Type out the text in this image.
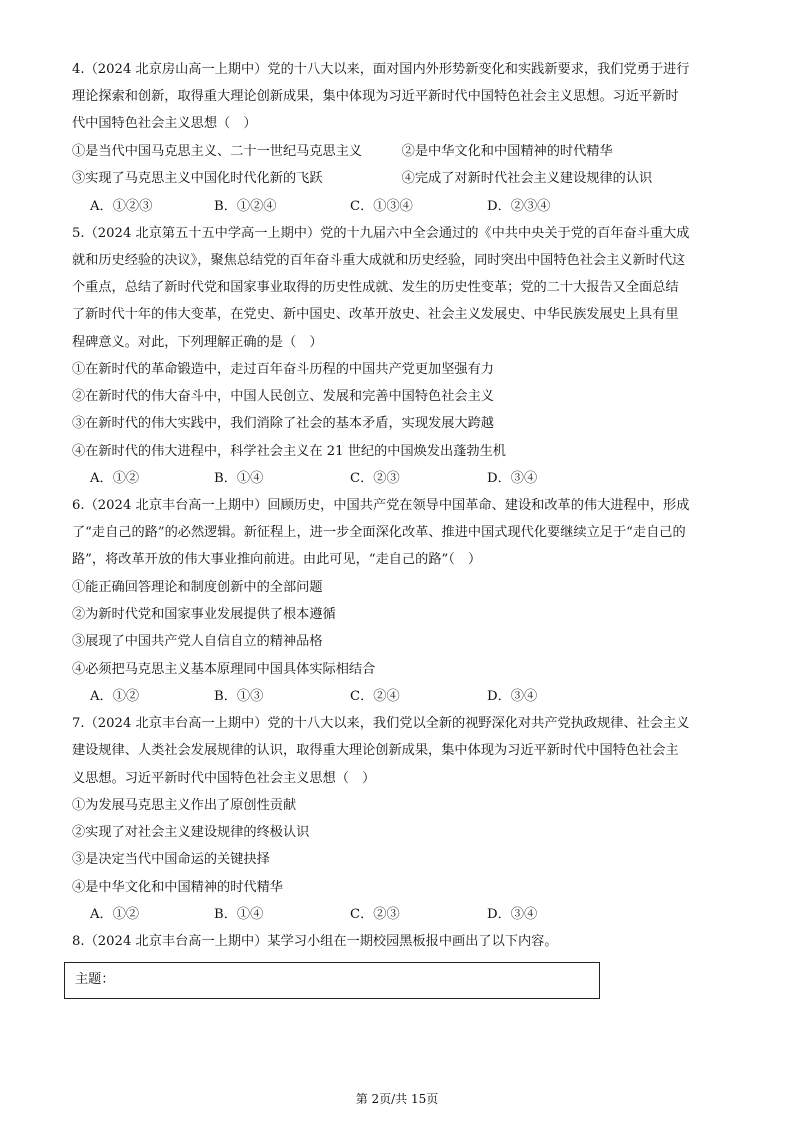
4.（2024 北京房山高一上期中）党的十八大以来，面对国内外形势新变化和实践新要求，我们党勇于进行
理论探索和创新，取得重大理论创新成果，集中体现为习近平新时代中国特色社会主义思想。习近平新时
代中国特色社会主义思想（　）
①是当代中国马克思主义、二十一世纪马克思主义　　　②是中华文化和中国精神的时代精华
③实现了马克思主义中国化时代化新的飞跃　　　　　　④完成了对新时代社会主义建设规律的认识
A．①②③	B．①②④	C．①③④	D．②③④
5.（2024 北京第五十五中学高一上期中）党的十九届六中全会通过的《中共中央关于党的百年奋斗重大成
就和历史经验的决议》，聚焦总结党的百年奋斗重大成就和历史经验，同时突出中国特色社会主义新时代这
个重点，总结了新时代党和国家事业取得的历史性成就、发生的历史性变革；党的二十大报告又全面总结
了新时代十年的伟大变革，在党史、新中国史、改革开放史、社会主义发展史、中华民族发展史上具有里
程碑意义。对此，下列理解正确的是（　）
①在新时代的革命锻造中，走过百年奋斗历程的中国共产党更加坚强有力
②在新时代的伟大奋斗中，中国人民创立、发展和完善中国特色社会主义
③在新时代的伟大实践中，我们消除了社会的基本矛盾，实现发展大跨越
④在新时代的伟大进程中，科学社会主义在 21 世纪的中国焕发出蓬勃生机
A．①②	B．①④	C．②③	D．③④
6.（2024 北京丰台高一上期中）回顾历史，中国共产党在领导中国革命、建设和改革的伟大进程中，形成
了“走自己的路”的必然逻辑。新征程上，进一步全面深化改革、推进中国式现代化要继续立足于“走自己的
路”，将改革开放的伟大事业推向前进。由此可见，“走自己的路”（　）
①能正确回答理论和制度创新中的全部问题
②为新时代党和国家事业发展提供了根本遵循
③展现了中国共产党人自信自立的精神品格
④必须把马克思主义基本原理同中国具体实际相结合
A．①②	B．①③	C．②④	D．③④
7.（2024 北京丰台高一上期中）党的十八大以来，我们党以全新的视野深化对共产党执政规律、社会主义
建设规律、人类社会发展规律的认识，取得重大理论创新成果，集中体现为习近平新时代中国特色社会主
义思想。习近平新时代中国特色社会主义思想（　）
①为发展马克思主义作出了原创性贡献
②实现了对社会主义建设规律的终极认识
③是决定当代中国命运的关键抉择
④是中华文化和中国精神的时代精华
A．①②	B．①④	C．②③	D．③④
8.（2024 北京丰台高一上期中）某学习小组在一期校园黑板报中画出了以下内容。
主题：
第 2页/共 15页
